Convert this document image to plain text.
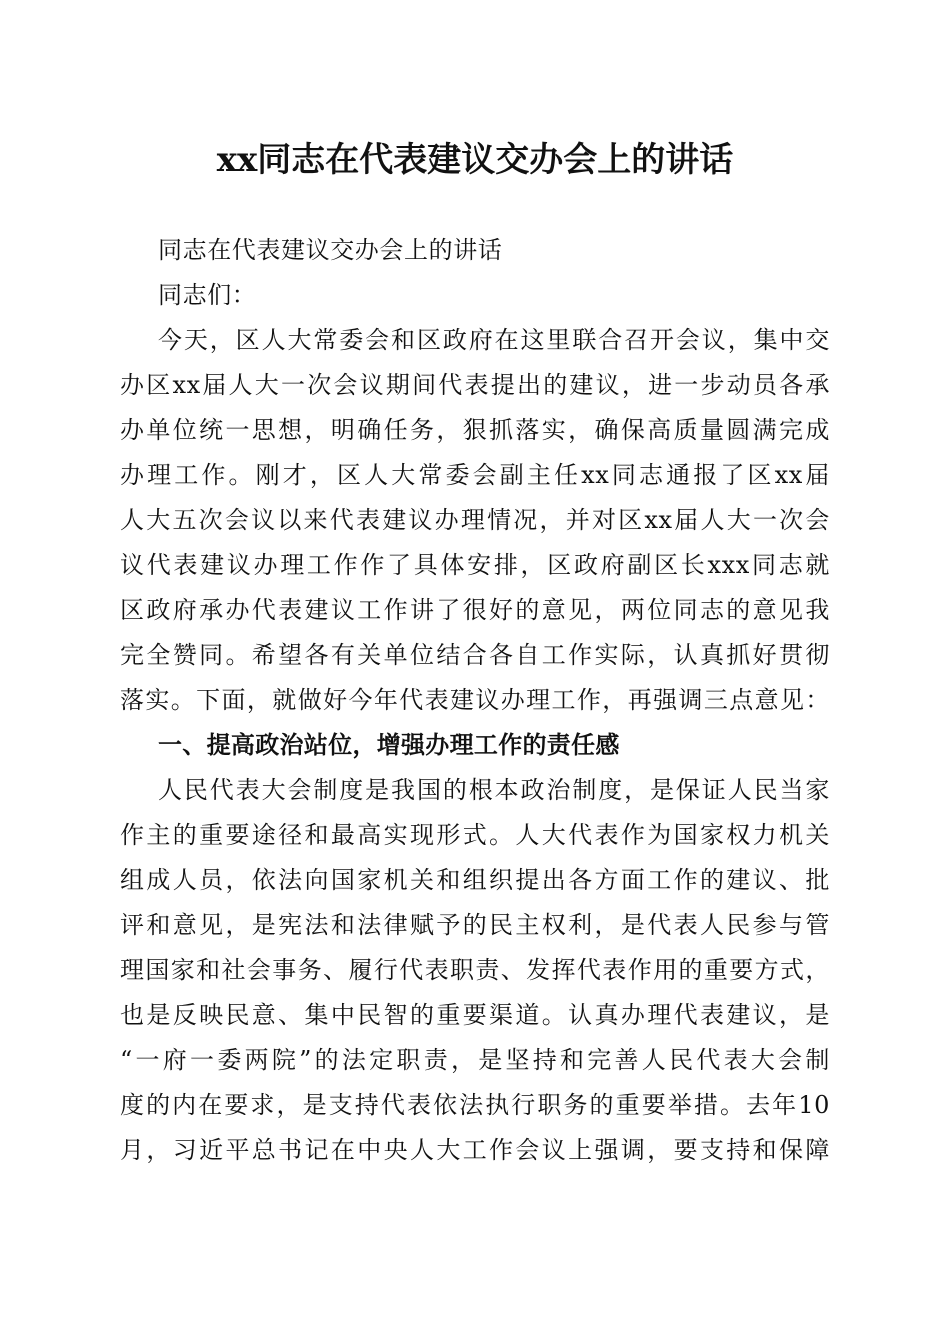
xx同志在代表建议交办会上的讲话
同志在代表建议交办会上的讲话
同志们：
今天，区人大常委会和区政府在这里联合召开会议，集中交
办区xx届人大一次会议期间代表提出的建议，进一步动员各承
办单位统一思想，明确任务，狠抓落实，确保高质量圆满完成
办理工作。刚才，区人大常委会副主任xx同志通报了区xx届
人大五次会议以来代表建议办理情况，并对区xx届人大一次会
议代表建议办理工作作了具体安排，区政府副区长xxx同志就
区政府承办代表建议工作讲了很好的意见，两位同志的意见我
完全赞同。希望各有关单位结合各自工作实际，认真抓好贯彻
落实。下面，就做好今年代表建议办理工作，再强调三点意见：
一、提高政治站位，增强办理工作的责任感
人民代表大会制度是我国的根本政治制度，是保证人民当家
作主的重要途径和最高实现形式。人大代表作为国家权力机关
组成人员，依法向国家机关和组织提出各方面工作的建议、批
评和意见，是宪法和法律赋予的民主权利，是代表人民参与管
理国家和社会事务、履行代表职责、发挥代表作用的重要方式，
也是反映民意、集中民智的重要渠道。认真办理代表建议，是
“一府一委两院”的法定职责，是坚持和完善人民代表大会制
度的内在要求，是支持代表依法执行职务的重要举措。去年10
月，习近平总书记在中央人大工作会议上强调，要支持和保障
